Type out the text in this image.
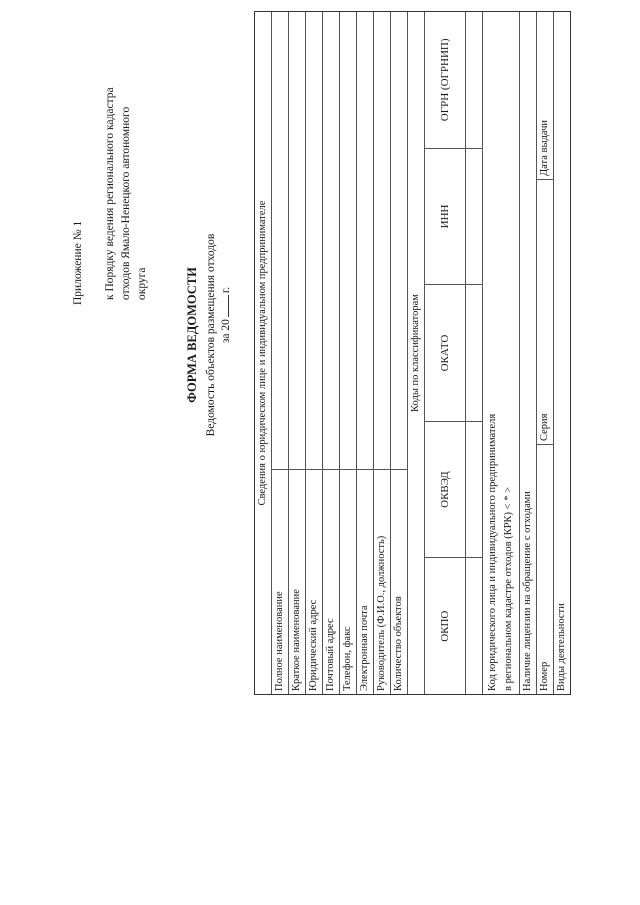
Приложение № 1 к Порядку ведения регионального кадастра отходов Ямало-Ненецкого автономного округа	ФОРМА ВЕДОМОСТИ Ведомость объектов размещения отходов за 20г. Сведения о юридическом лице и индивидуальном предпринимателе
Полное наименование Краткое наименование Юридический адрес Почтовый адрес Телефон, факс Электронная почта Руководитель (Ф.И.О., должность) Количество объектов
Коды по классификаторам
ОКПО
ОКВЭД
ОКАТО
ИНН
ОГРН (ОГРНИП)
Код юридического лица и индивидуального предпринимателя в региональном кадастре отходов (КРК) < * > Наличие лицензии на обращение с отходами Номер
Серия
Дата выдачи
Виды деятельности
